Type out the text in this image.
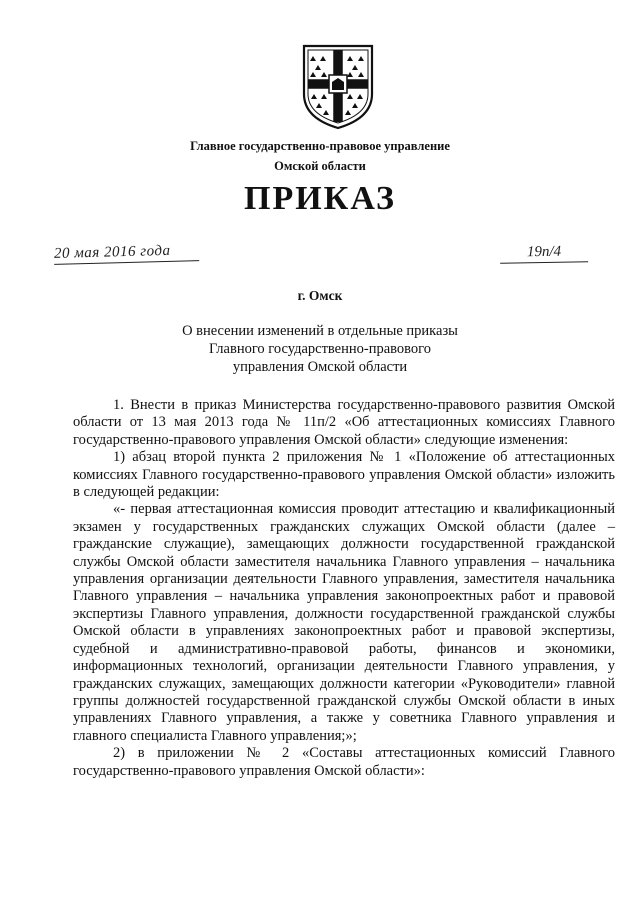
Главное государственно-правовое управление
Омской области
ПРИКАЗ
20 мая 2016 года	19п/4
г. Омск
О внесении изменений в отдельные приказы
Главного государственно-правового
управления Омской области

1. Внести в приказ Министерства государственно-правового развития Омской области от 13 мая 2013 года № 11п/2 «Об аттестационных комиссиях Главного государственно-правового управления Омской области» следующие изменения:

1) абзац второй пункта 2 приложения № 1 «Положение об аттестационных комиссиях Главного государственно-правового управления Омской области» изложить в следующей редакции:

«- первая аттестационная комиссия проводит аттестацию и квалификационный экзамен у государственных гражданских служащих Омской области (далее – гражданские служащие), замещающих должности государственной гражданской службы Омской области заместителя начальника Главного управления – начальника управления организации деятельности Главного управления, заместителя начальника Главного управления – начальника управления законопроектных работ и правовой экспертизы Главного управления, должности государственной гражданской службы Омской области в управлениях законопроектных работ и правовой экспертизы, судебной и административно-правовой работы, финансов и экономики, информационных технологий, организации деятельности Главного управления, у гражданских служащих, замещающих должности категории «Руководители» главной группы должностей государственной гражданской службы Омской области в иных управлениях Главного управления, а также у советника Главного управления и главного специалиста Главного управления;»;

2) в приложении № 2 «Составы аттестационных комиссий Главного государственно-правового управления Омской области»:
